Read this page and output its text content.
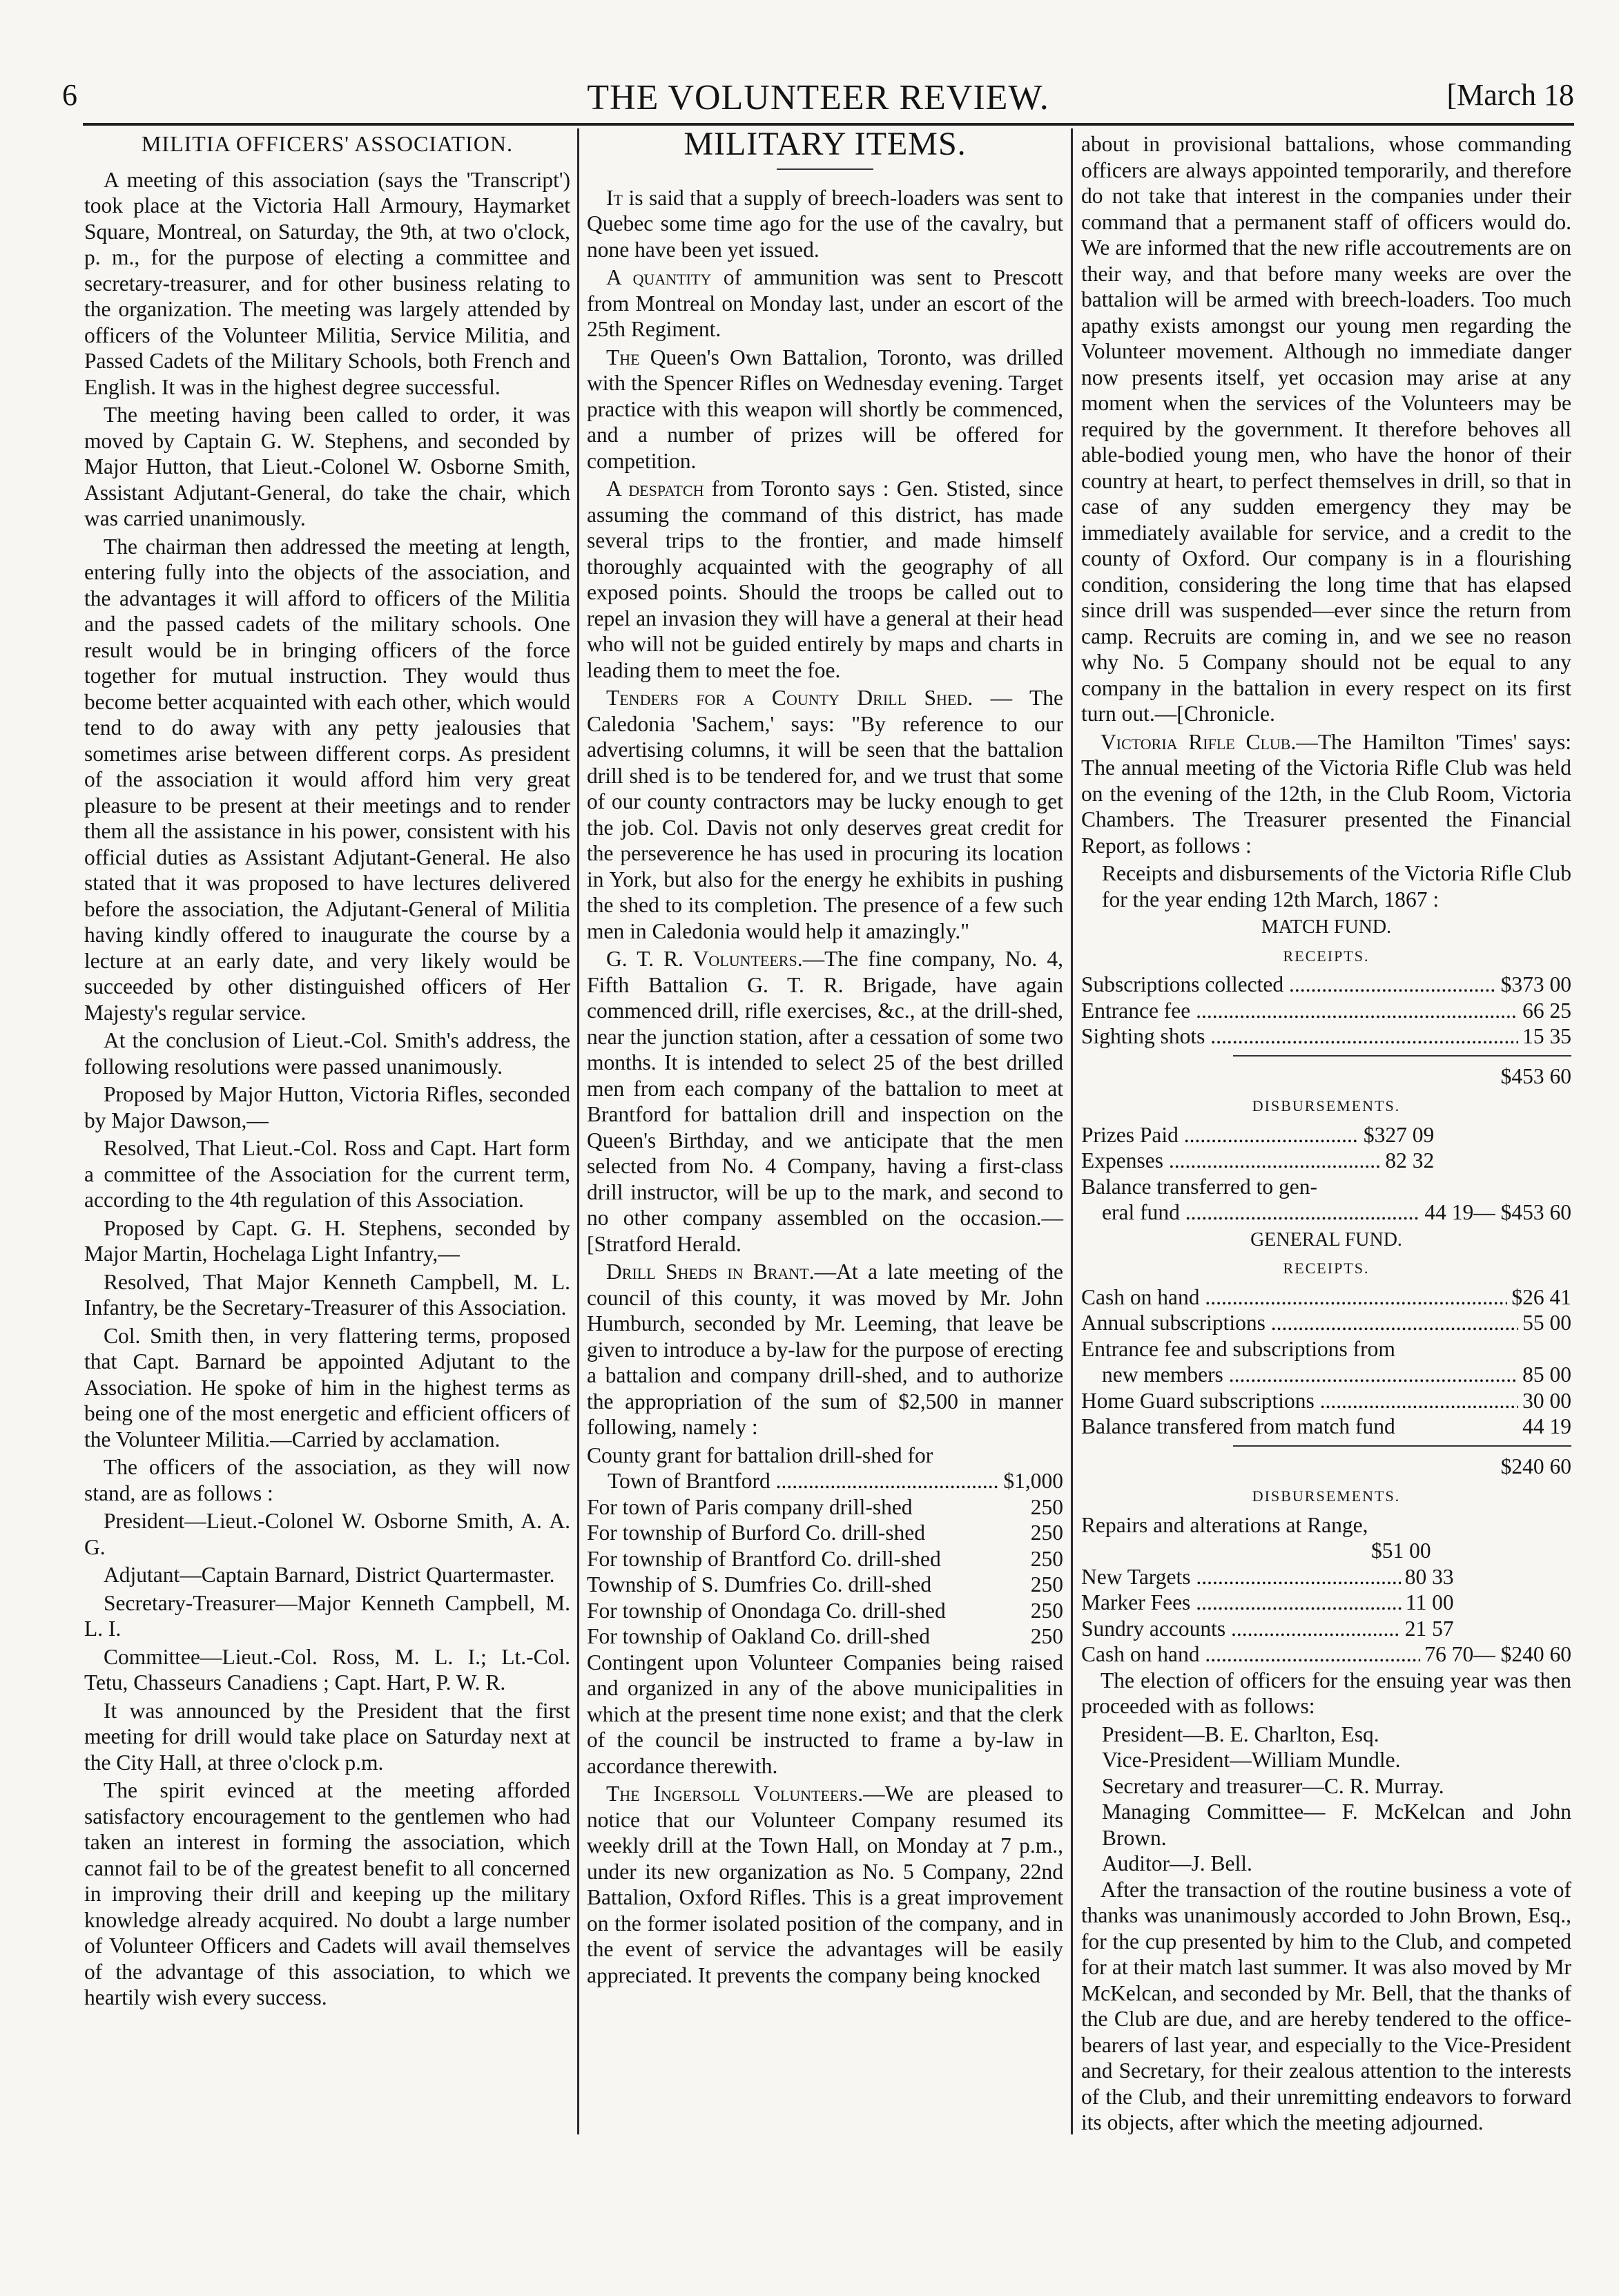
6	THE VOLUNTEER REVIEW.	[March 18
MILITIA OFFICERS' ASSOCIATION.

A meeting of this association (says the 'Transcript') took place at the Victoria Hall Armoury, Haymarket Square, Montreal, on Saturday, the 9th, at two o'clock, p. m., for the purpose of electing a committee and secretary-treasurer, and for other business relating to the organization. The meeting was largely attended by officers of the Volunteer Militia, Service Militia, and Passed Cadets of the Military Schools, both French and English. It was in the highest degree successful.

The meeting having been called to order, it was moved by Captain G. W. Stephens, and seconded by Major Hutton, that Lieut.-Colonel W. Osborne Smith, Assistant Adjutant-General, do take the chair, which was carried unanimously.

The chairman then addressed the meeting at length, entering fully into the objects of the association, and the advantages it will afford to officers of the Militia and the passed cadets of the military schools. One result would be in bringing officers of the force together for mutual instruction. They would thus become better acquainted with each other, which would tend to do away with any petty jealousies that sometimes arise between different corps. As president of the association it would afford him very great pleasure to be present at their meetings and to render them all the assistance in his power, consistent with his official duties as Assistant Adjutant-General. He also stated that it was proposed to have lectures delivered before the association, the Adjutant-General of Militia having kindly offered to inaugurate the course by a lecture at an early date, and very likely would be succeeded by other distinguished officers of Her Majesty's regular service.

At the conclusion of Lieut.-Col. Smith's address, the following resolutions were passed unanimously.

Proposed by Major Hutton, Victoria Rifles, seconded by Major Dawson,—

Resolved, That Lieut.-Col. Ross and Capt. Hart form a committee of the Association for the current term, according to the 4th regulation of this Association.

Proposed by Capt. G. H. Stephens, seconded by Major Martin, Hochelaga Light Infantry,—

Resolved, That Major Kenneth Campbell, M. L. Infantry, be the Secretary-Treasurer of this Association.

Col. Smith then, in very flattering terms, proposed that Capt. Barnard be appointed Adjutant to the Association. He spoke of him in the highest terms as being one of the most energetic and efficient officers of the Volunteer Militia.—Carried by acclamation.

The officers of the association, as they will now stand, are as follows :

President—Lieut.-Colonel W. Osborne Smith, A. A. G.

Adjutant—Captain Barnard, District Quartermaster.

Secretary-Treasurer—Major Kenneth Campbell, M. L. I.

Committee—Lieut.-Col. Ross, M. L. I.; Lt.-Col. Tetu, Chasseurs Canadiens ; Capt. Hart, P. W. R.

It was announced by the President that the first meeting for drill would take place on Saturday next at the City Hall, at three o'clock p.m.

The spirit evinced at the meeting afforded satisfactory encouragement to the gentlemen who had taken an interest in forming the association, which cannot fail to be of the greatest benefit to all concerned in improving their drill and keeping up the military knowledge already acquired. No doubt a large number of Volunteer Officers and Cadets will avail themselves of the advantage of this association, to which we heartily wish every success.

MILITARY ITEMS.

It is said that a supply of breech-loaders was sent to Quebec some time ago for the use of the cavalry, but none have been yet issued.

A quantity of ammunition was sent to Prescott from Montreal on Monday last, under an escort of the 25th Regiment.

The Queen's Own Battalion, Toronto, was drilled with the Spencer Rifles on Wednesday evening. Target practice with this weapon will shortly be commenced, and a number of prizes will be offered for competition.

A despatch from Toronto says : Gen. Stisted, since assuming the command of this district, has made several trips to the frontier, and made himself thoroughly acquainted with the geography of all exposed points. Should the troops be called out to repel an invasion they will have a general at their head who will not be guided entirely by maps and charts in leading them to meet the foe.

Tenders for a County Drill Shed. — The Caledonia 'Sachem,' says: "By reference to our advertising columns, it will be seen that the battalion drill shed is to be tendered for, and we trust that some of our county contractors may be lucky enough to get the job. Col. Davis not only deserves great credit for the perseverence he has used in procuring its location in York, but also for the energy he exhibits in pushing the shed to its completion. The presence of a few such men in Caledonia would help it amazingly."

G. T. R. Volunteers.—The fine company, No. 4, Fifth Battalion G. T. R. Brigade, have again commenced drill, rifle exercises, &c., at the drill-shed, near the junction station, after a cessation of some two months. It is intended to select 25 of the best drilled men from each company of the battalion to meet at Brantford for battalion drill and inspection on the Queen's Birthday, and we anticipate that the men selected from No. 4 Company, having a first-class drill instructor, will be up to the mark, and second to no other company assembled on the occasion.—[Stratford Herald.

Drill Sheds in Brant.—At a late meeting of the council of this county, it was moved by Mr. John Humburch, seconded by Mr. Leeming, that leave be given to introduce a by-law for the purpose of erecting a battalion and company drill-shed, and to authorize the appropriation of the sum of $2,500 in manner following, namely :

County grant for battalion drill-shed for
Town of Brantford .....	$1,000
For town of Paris company drill-shed	250
For township of Burford Co. drill-shed	250
For township of Brantford Co. drill-shed	250
Township of S. Dumfries Co. drill-shed	250
For township of Onondaga Co. drill-shed	250
For township of Oakland Co. drill-shed	250

Contingent upon Volunteer Companies being raised and organized in any of the above municipalities in which at the present time none exist; and that the clerk of the council be instructed to frame a by-law in accordance therewith.

The Ingersoll Volunteers.—We are pleased to notice that our Volunteer Company resumed its weekly drill at the Town Hall, on Monday at 7 p.m., under its new organization as No. 5 Company, 22nd Battalion, Oxford Rifles. This is a great improvement on the former isolated position of the company, and in the event of service the advantages will be easily appreciated. It prevents the company being knocked

about in provisional battalions, whose commanding officers are always appointed temporarily, and therefore do not take that interest in the companies under their command that a permanent staff of officers would do. We are informed that the new rifle accoutrements are on their way, and that before many weeks are over the battalion will be armed with breech-loaders. Too much apathy exists amongst our young men regarding the Volunteer movement. Although no immediate danger now presents itself, yet occasion may arise at any moment when the services of the Volunteers may be required by the government. It therefore behoves all able-bodied young men, who have the honor of their country at heart, to perfect themselves in drill, so that in case of any sudden emergency they may be immediately available for service, and a credit to the county of Oxford. Our company is in a flourishing condition, considering the long time that has elapsed since drill was suspended—ever since the return from camp. Recruits are coming in, and we see no reason why No. 5 Company should not be equal to any company in the battalion in every respect on its first turn out.—[Chronicle.

Victoria Rifle Club.—The Hamilton 'Times' says: The annual meeting of the Victoria Rifle Club was held on the evening of the 12th, in the Club Room, Victoria Chambers. The Treasurer presented the Financial Report, as follows :

Receipts and disbursements of the Victoria Rifle Club for the year ending 12th March, 1867 :

MATCH FUND.
RECEIPTS.
Subscriptions collected .....	$373 00
Entrance fee .....	66 25
Sighting shots .....	15 35
$453 60
DISBURSEMENTS.
Prizes Paid .....	$327 09
Expenses .....	82 32
Balance transferred to gen-
eral fund .....	44 19— $453 60
GENERAL FUND.
RECEIPTS.
Cash on hand .....	$26 41
Annual subscriptions .....	55 00
Entrance fee and subscriptions from
new members .....	85 00
Home Guard subscriptions .....	30 00
Balance transfered from match fund	44 19
$240 60
DISBURSEMENTS.
Repairs and alterations at Range,
$51 00
New Targets .....	80 33
Marker Fees .....	11 00
Sundry accounts .....	21 57
Cash on hand .....	76 70— $240 60

The election of officers for the ensuing year was then proceeded with as follows:

President—B. E. Charlton, Esq.
Vice-President—William Mundle.
Secretary and treasurer—C. R. Murray.
Managing Committee— F. McKelcan and John Brown.
Auditor—J. Bell.

After the transaction of the routine business a vote of thanks was unanimously accorded to John Brown, Esq., for the cup presented by him to the Club, and competed for at their match last summer. It was also moved by Mr McKelcan, and seconded by Mr. Bell, that the thanks of the Club are due, and are hereby tendered to the office-bearers of last year, and especially to the Vice-President and Secretary, for their zealous attention to the interests of the Club, and their unremitting endeavors to forward its objects, after which the meeting adjourned.
